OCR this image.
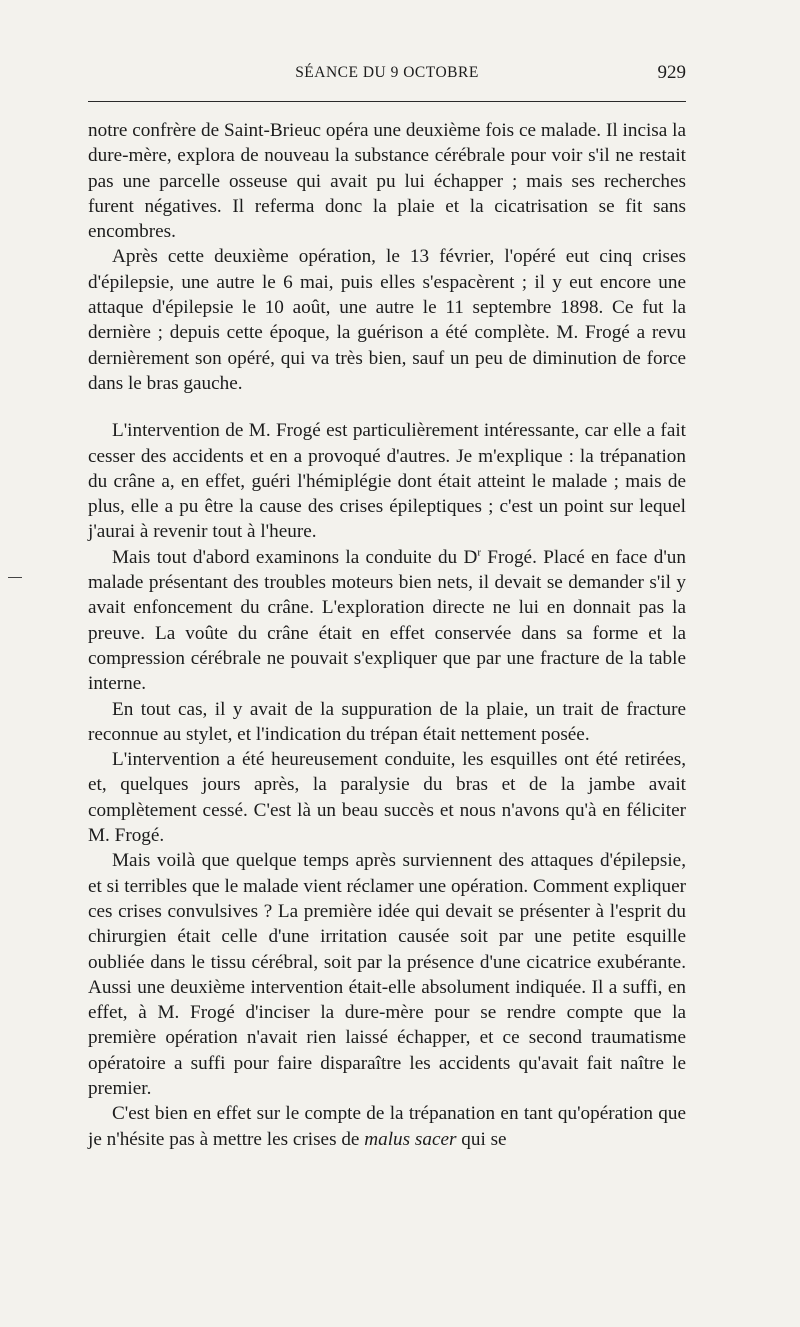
SÉANCE DU 9 OCTOBRE	929

notre confrère de Saint-Brieuc opéra une deuxième fois ce malade. Il incisa la dure-mère, explora de nouveau la substance cérébrale pour voir s'il ne restait pas une parcelle osseuse qui avait pu lui échapper ; mais ses recherches furent négatives. Il referma donc la plaie et la cicatrisation se fit sans encombres.

Après cette deuxième opération, le 13 février, l'opéré eut cinq crises d'épilepsie, une autre le 6 mai, puis elles s'espacèrent ; il y eut encore une attaque d'épilepsie le 10 août, une autre le 11 septembre 1898. Ce fut la dernière ; depuis cette époque, la guérison a été complète. M. Frogé a revu dernièrement son opéré, qui va très bien, sauf un peu de diminution de force dans le bras gauche.

L'intervention de M. Frogé est particulièrement intéressante, car elle a fait cesser des accidents et en a provoqué d'autres. Je m'explique : la trépanation du crâne a, en effet, guéri l'hémiplégie dont était atteint le malade ; mais de plus, elle a pu être la cause des crises épileptiques ; c'est un point sur lequel j'aurai à revenir tout à l'heure.

Mais tout d'abord examinons la conduite du $D^r$ Frogé. Placé en face d'un malade présentant des troubles moteurs bien nets, il devait se demander s'il y avait enfoncement du crâne. L'exploration directe ne lui en donnait pas la preuve. La voûte du crâne était en effet conservée dans sa forme et la compression cérébrale ne pouvait s'expliquer que par une fracture de la table interne.

En tout cas, il y avait de la suppuration de la plaie, un trait de fracture reconnue au stylet, et l'indication du trépan était nettement posée.

L'intervention a été heureusement conduite, les esquilles ont été retirées, et, quelques jours après, la paralysie du bras et de la jambe avait complètement cessé. C'est là un beau succès et nous n'avons qu'à en féliciter M. Frogé.

Mais voilà que quelque temps après surviennent des attaques d'épilepsie, et si terribles que le malade vient réclamer une opération. Comment expliquer ces crises convulsives ? La première idée qui devait se présenter à l'esprit du chirurgien était celle d'une irritation causée soit par une petite esquille oubliée dans le tissu cérébral, soit par la présence d'une cicatrice exubérante. Aussi une deuxième intervention était-elle absolument indiquée. Il a suffi, en effet, à M. Frogé d'inciser la dure-mère pour se rendre compte que la première opération n'avait rien laissé échapper, et ce second traumatisme opératoire a suffi pour faire disparaître les accidents qu'avait fait naître le premier.

C'est bien en effet sur le compte de la trépanation en tant qu'opération que je n'hésite pas à mettre les crises de malus sacer qui se
